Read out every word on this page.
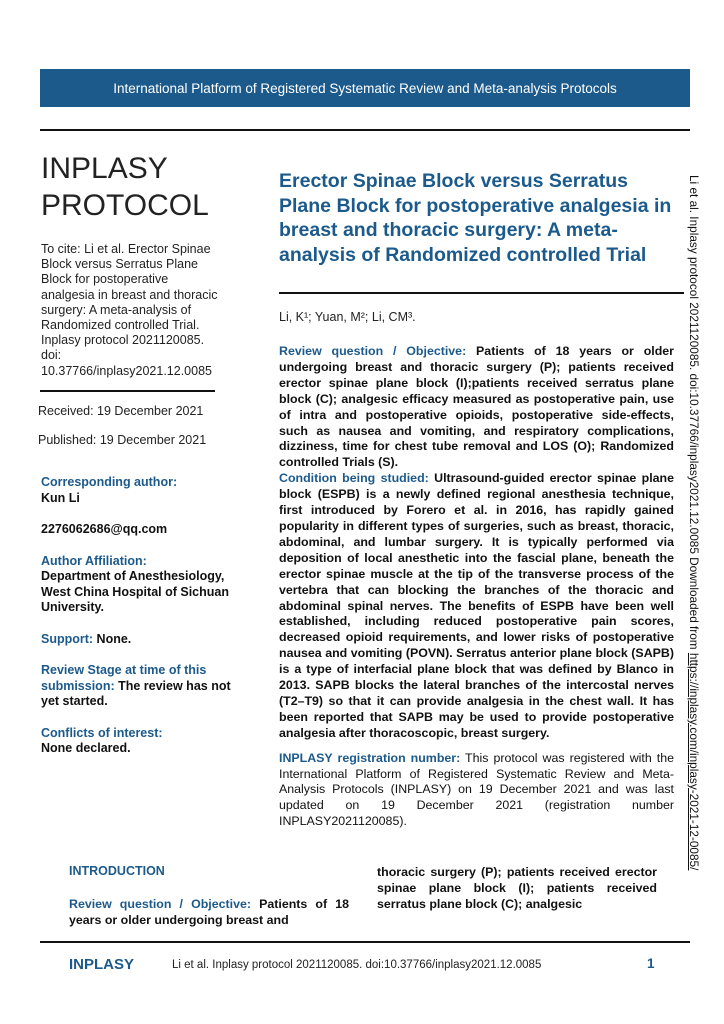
International Platform of Registered Systematic Review and Meta-analysis Protocols
INPLASY
PROTOCOL
To cite: Li et al. Erector Spinae Block versus Serratus Plane Block for postoperative analgesia in breast and thoracic surgery: A meta-analysis of Randomized controlled Trial. Inplasy protocol 2021120085. doi: 10.37766/inplasy2021.12.0085
Received: 19 December 2021
Published: 19 December 2021
Corresponding author:
Kun Li
2276062686@qq.com
Author Affiliation:
Department of Anesthesiology, West China Hospital of Sichuan University.
Support: None.
Review Stage at time of this submission: The review has not yet started.
Conflicts of interest:
None declared.
Erector Spinae Block versus Serratus Plane Block for postoperative analgesia in breast and thoracic surgery: A meta-analysis of Randomized controlled Trial
Li, K¹; Yuan, M²; Li, CM³.
Review question / Objective: Patients of 18 years or older undergoing breast and thoracic surgery (P); patients received erector spinae plane block (I);patients received serratus plane block (C); analgesic efficacy measured as postoperative pain, use of intra and postoperative opioids, postoperative side-effects, such as nausea and vomiting, and respiratory complications, dizziness, time for chest tube removal and LOS (O); Randomized controlled Trials (S).
Condition being studied: Ultrasound-guided erector spinae plane block (ESPB) is a newly defined regional anesthesia technique, first introduced by Forero et al. in 2016, has rapidly gained popularity in different types of surgeries, such as breast, thoracic, abdominal, and lumbar surgery. It is typically performed via deposition of local anesthetic into the fascial plane, beneath the erector spinae muscle at the tip of the transverse process of the vertebra that can blocking the branches of the thoracic and abdominal spinal nerves. The benefits of ESPB have been well established, including reduced postoperative pain scores, decreased opioid requirements, and lower risks of postoperative nausea and vomiting (POVN). Serratus anterior plane block (SAPB) is a type of interfacial plane block that was defined by Blanco in 2013. SAPB blocks the lateral branches of the intercostal nerves (T2–T9) so that it can provide analgesia in the chest wall. It has been reported that SAPB may be used to provide postoperative analgesia after thoracoscopic, breast surgery.
INPLASY registration number: This protocol was registered with the International Platform of Registered Systematic Review and Meta-Analysis Protocols (INPLASY) on 19 December 2021 and was last updated on 19 December 2021 (registration number INPLASY2021120085).
INTRODUCTION
Review question / Objective: Patients of 18 years or older undergoing breast and
thoracic surgery (P); patients received erector spinae plane block (I); patients received serratus plane block (C); analgesic
INPLASY	Li et al. Inplasy protocol 2021120085. doi:10.37766/inplasy2021.12.0085	1
Li et al. Inplasy protocol 2021120085. doi:10.37766/inplasy2021.12.0085 Downloaded from https://inplasy.com/inplasy-2021-12-0085/
